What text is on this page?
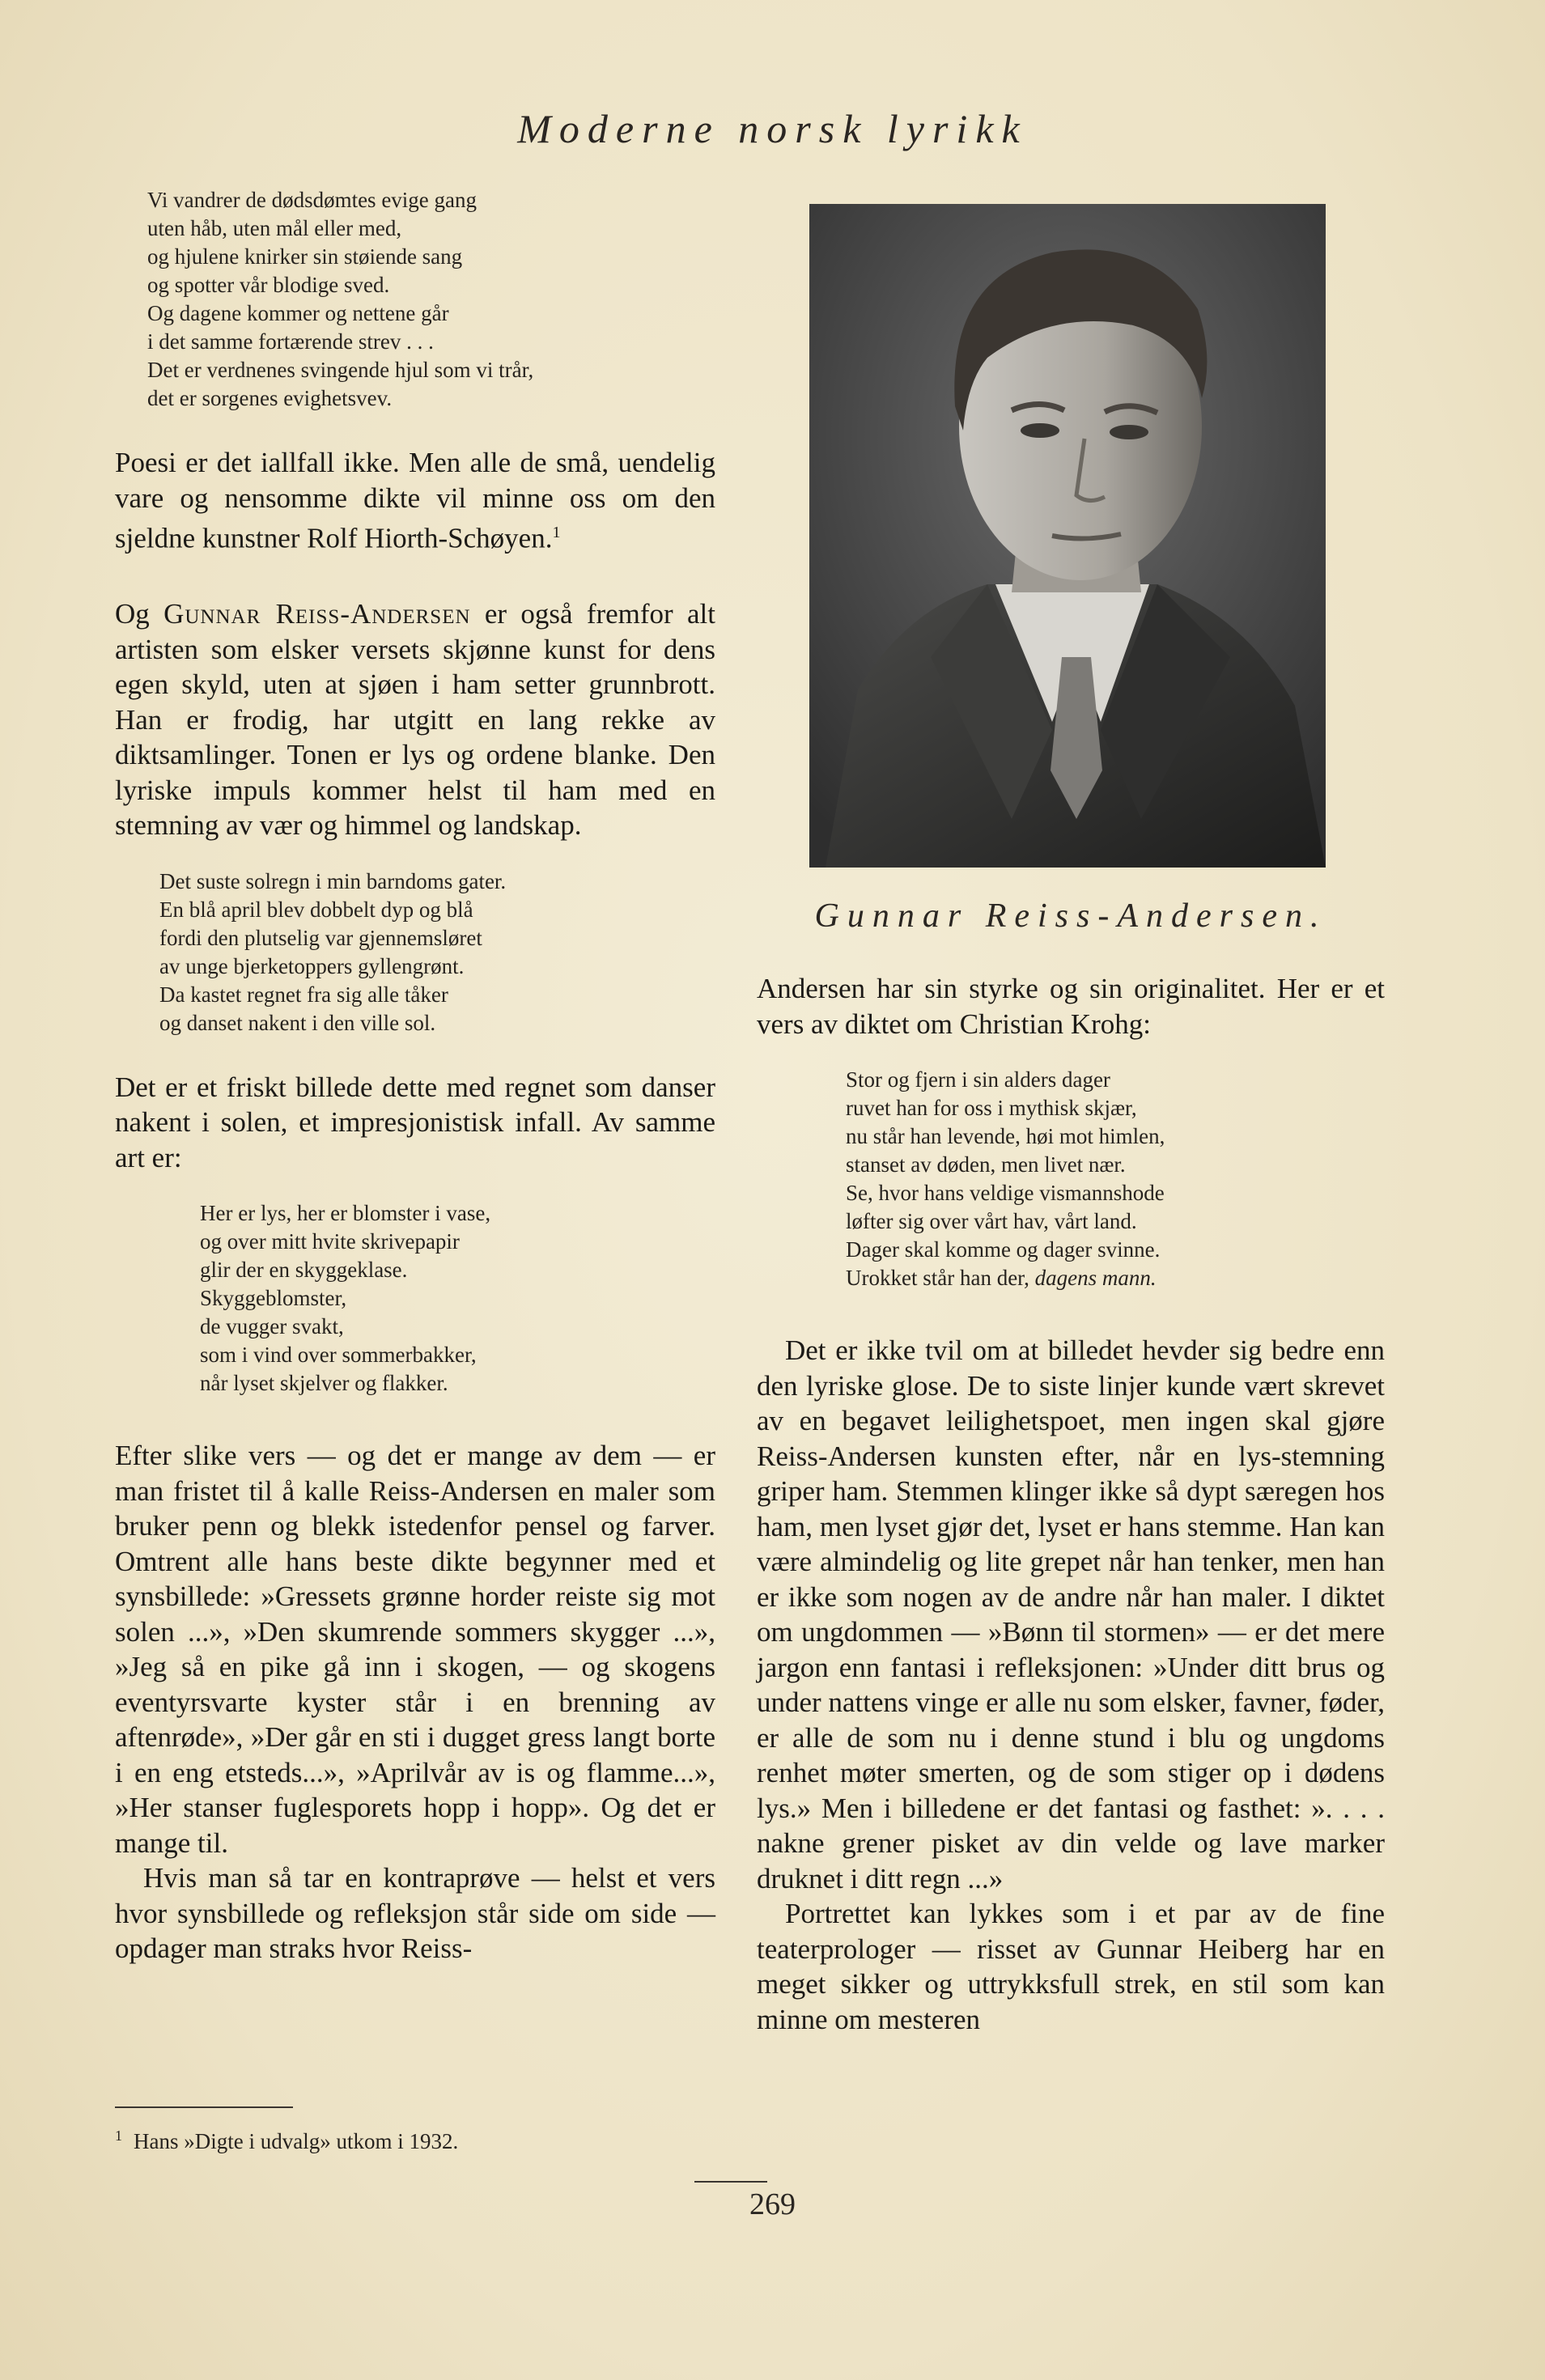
Moderne norsk lyrikk
Vi vandrer de dødsdømtes evige gang
uten håb, uten mål eller med,
og hjulene knirker sin støiende sang
og spotter vår blodige sved.
Og dagene kommer og nettene går
i det samme fortærende strev . . .
Det er verdnenes svingende hjul som vi trår,
det er sorgenes evighetsvev.

Poesi er det iallfall ikke. Men alle de små, uendelig vare og nensomme dikte vil minne oss om den sjeldne kunstner Rolf Hiorth-Schøyen.$^1$

Og Gunnar Reiss-Andersen er også fremfor alt artisten som elsker versets skjønne kunst for dens egen skyld, uten at sjøen i ham setter grunnbrott. Han er frodig, har utgitt en lang rekke av diktsamlinger. Tonen er lys og ordene blanke. Den lyriske impuls kommer helst til ham med en stemning av vær og himmel og landskap.

Det suste solregn i min barndoms gater.
En blå april blev dobbelt dyp og blå
fordi den plutselig var gjennemsløret
av unge bjerketoppers gyllengrønt.
Da kastet regnet fra sig alle tåker
og danset nakent i den ville sol.

Det er et friskt billede dette med regnet som danser nakent i solen, et impresjonistisk infall. Av samme art er:

Her er lys, her er blomster i vase,
og over mitt hvite skrivepapir
glir der en skyggeklase.
Skyggeblomster,
de vugger svakt,
som i vind over sommerbakker,
når lyset skjelver og flakker.

Efter slike vers — og det er mange av dem — er man fristet til å kalle Reiss-Andersen en maler som bruker penn og blekk istedenfor pensel og farver. Omtrent alle hans beste dikte begynner med et synsbillede: »Gressets grønne horder reiste sig mot solen ...», »Den skumrende sommers skygger ...», »Jeg så en pike gå inn i skogen, — og skogens eventyrsvarte kyster står i en brenning av aftenrøde», »Der går en sti i dugget gress langt borte i en eng etsteds...», »Aprilvår av is og flamme...», »Her stanser fuglesporets hopp i hopp». Og det er mange til.

Hvis man så tar en kontraprøve — helst et vers hvor synsbillede og refleksjon står side om side — opdager man straks hvor Reiss-

Gunnar Reiss-Andersen.

Andersen har sin styrke og sin originalitet. Her er et vers av diktet om Christian Krohg:

Stor og fjern i sin alders dager
ruvet han for oss i mythisk skjær,
nu står han levende, høi mot himlen,
stanset av døden, men livet nær.
Se, hvor hans veldige vismannshode
løfter sig over vårt hav, vårt land.
Dager skal komme og dager svinne.
Urokket står han der, dagens mann.

Det er ikke tvil om at billedet hevder sig bedre enn den lyriske glose. De to siste linjer kunde vært skrevet av en begavet leilighetspoet, men ingen skal gjøre Reiss-Andersen kunsten efter, når en lys-stemning griper ham. Stemmen klinger ikke så dypt særegen hos ham, men lyset gjør det, lyset er hans stemme. Han kan være almindelig og lite grepet når han tenker, men han er ikke som nogen av de andre når han maler. I diktet om ungdommen — »Bønn til stormen» — er det mere jargon enn fantasi i refleksjonen: »Under ditt brus og under nattens vinge er alle nu som elsker, favner, føder, er alle de som nu i denne stund i blu og ungdoms renhet møter smerten, og de som stiger op i dødens lys.» Men i billedene er det fantasi og fasthet: ». . . . nakne grener pisket av din velde og lave marker druknet i ditt regn ...»

Portrettet kan lykkes som i et par av de fine teaterprologer — risset av Gunnar Heiberg har en meget sikker og uttrykksfull strek, en stil som kan minne om mesteren

$^1$ Hans »Digte i udvalg» utkom i 1932.
269
